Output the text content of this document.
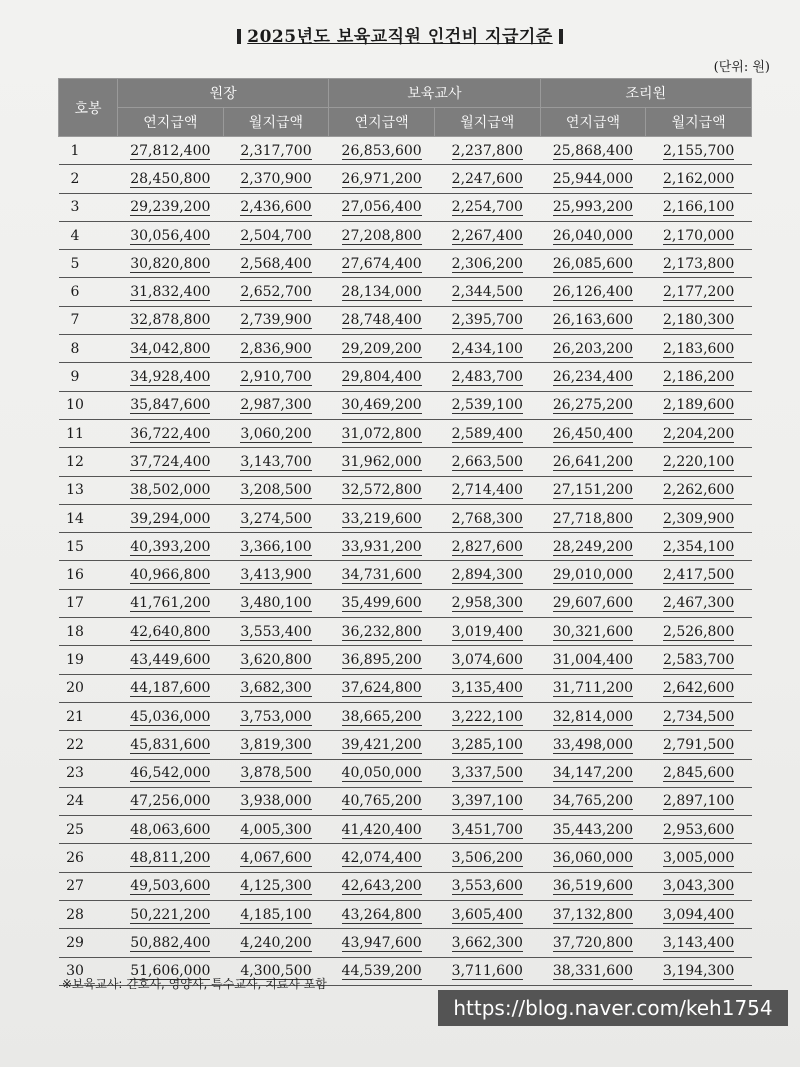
2025년도 보육교직원 인건비 지급기준
(단위: 원)
호봉	원장		보육교사		조리원	
	연지급액	월지급액	연지급액	월지급액	연지급액	월지급액
1	27,812,400	2,317,700	26,853,600	2,237,800	25,868,400	2,155,700
2	28,450,800	2,370,900	26,971,200	2,247,600	25,944,000	2,162,000
3	29,239,200	2,436,600	27,056,400	2,254,700	25,993,200	2,166,100
4	30,056,400	2,504,700	27,208,800	2,267,400	26,040,000	2,170,000
5	30,820,800	2,568,400	27,674,400	2,306,200	26,085,600	2,173,800
6	31,832,400	2,652,700	28,134,000	2,344,500	26,126,400	2,177,200
7	32,878,800	2,739,900	28,748,400	2,395,700	26,163,600	2,180,300
8	34,042,800	2,836,900	29,209,200	2,434,100	26,203,200	2,183,600
9	34,928,400	2,910,700	29,804,400	2,483,700	26,234,400	2,186,200
10	35,847,600	2,987,300	30,469,200	2,539,100	26,275,200	2,189,600
11	36,722,400	3,060,200	31,072,800	2,589,400	26,450,400	2,204,200
12	37,724,400	3,143,700	31,962,000	2,663,500	26,641,200	2,220,100
13	38,502,000	3,208,500	32,572,800	2,714,400	27,151,200	2,262,600
14	39,294,000	3,274,500	33,219,600	2,768,300	27,718,800	2,309,900
15	40,393,200	3,366,100	33,931,200	2,827,600	28,249,200	2,354,100
16	40,966,800	3,413,900	34,731,600	2,894,300	29,010,000	2,417,500
17	41,761,200	3,480,100	35,499,600	2,958,300	29,607,600	2,467,300
18	42,640,800	3,553,400	36,232,800	3,019,400	30,321,600	2,526,800
19	43,449,600	3,620,800	36,895,200	3,074,600	31,004,400	2,583,700
20	44,187,600	3,682,300	37,624,800	3,135,400	31,711,200	2,642,600
21	45,036,000	3,753,000	38,665,200	3,222,100	32,814,000	2,734,500
22	45,831,600	3,819,300	39,421,200	3,285,100	33,498,000	2,791,500
23	46,542,000	3,878,500	40,050,000	3,337,500	34,147,200	2,845,600
24	47,256,000	3,938,000	40,765,200	3,397,100	34,765,200	2,897,100
25	48,063,600	4,005,300	41,420,400	3,451,700	35,443,200	2,953,600
26	48,811,200	4,067,600	42,074,400	3,506,200	36,060,000	3,005,000
27	49,503,600	4,125,300	42,643,200	3,553,600	36,519,600	3,043,300
28	50,221,200	4,185,100	43,264,800	3,605,400	37,132,800	3,094,400
29	50,882,400	4,240,200	43,947,600	3,662,300	37,720,800	3,143,400
30	51,606,000	4,300,500	44,539,200	3,711,600	38,331,600	3,194,300
※보육교사: 간호사, 영양사, 특수교사, 치료사 포함
https://blog.naver.com/keh1754
